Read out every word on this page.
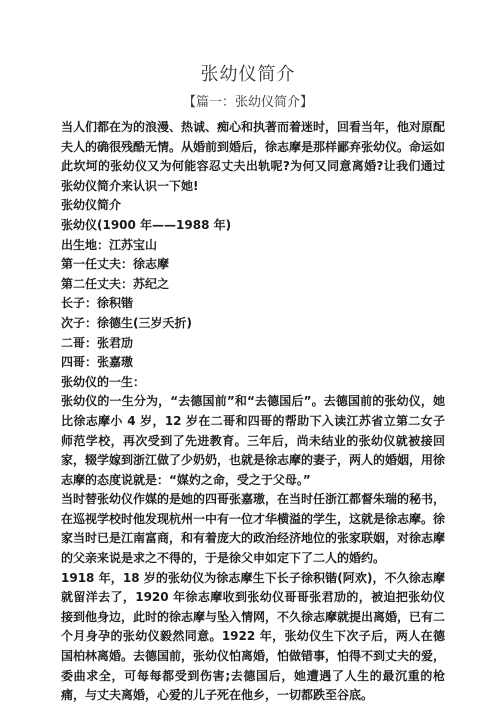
张幼仪简介

【篇一：张幼仪简介】

当人们都在为的浪漫、热诚、痴心和执著而着迷时，回看当年，他对原配夫人的确很残酷无情。从婚前到婚后，徐志摩是那样鄙弃张幼仪。命运如此坎坷的张幼仪又为何能容忍丈夫出轨呢?为何又同意离婚?让我们通过张幼仪简介来认识一下她!

张幼仪简介

张幼仪(1900 年——1988 年)

出生地：江苏宝山

第一任丈夫：徐志摩

第二任丈夫：苏纪之

长子：徐积锴

次子：徐德生(三岁夭折)

二哥：张君劢

四哥：张嘉璈

张幼仪的一生：

张幼仪的一生分为，“去德国前”和“去德国后”。去德国前的张幼仪，她比徐志摩小 4 岁，12 岁在二哥和四哥的帮助下入读江苏省立第二女子师范学校，再次受到了先进教育。三年后，尚未结业的张幼仪就被接回家，辍学嫁到浙江做了少奶奶，也就是徐志摩的妻子，两人的婚姻，用徐志摩的态度说就是：“媒妁之命，受之于父母。”

当时替张幼仪作媒的是她的四哥张嘉璈，在当时任浙江都督朱瑞的秘书，在巡视学校时他发现杭州一中有一位才华横溢的学生，这就是徐志摩。徐家当时已是江南富商，和有着庞大的政治经济地位的张家联姻，对徐志摩的父亲来说是求之不得的，于是徐父申如定下了二人的婚约。

1918 年，18 岁的张幼仪为徐志摩生下长子徐积锴(阿欢)，不久徐志摩就留洋去了，1920 年徐志摩收到张幼仪哥哥张君劢的，被迫把张幼仪接到他身边，此时的徐志摩与坠入情网，不久徐志摩就提出离婚，已有二个月身孕的张幼仪毅然同意。1922 年，张幼仪生下次子后，两人在德国柏林离婚。去德国前，张幼仪怕离婚，怕做错事，怕得不到丈夫的爱，委曲求全，可每每都受到伤害;去德国后，她遭遇了人生的最沉重的枪痛，与丈夫离婚，心爱的儿子死在他乡，一切都跌至谷底。
